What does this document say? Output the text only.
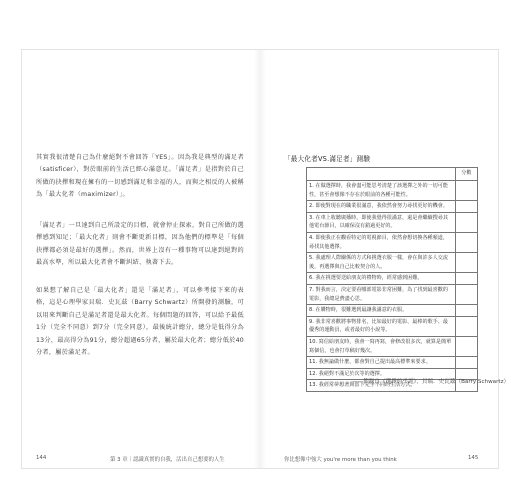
其實我很清楚自己為什麼絕對不會回答「YES」。因為我是典型的滿足者（satisficer），對於眼前的生活已經心滿意足。「滿足者」是指對於自己所做的抉擇和現在擁有的一切感到滿足和幸福的人，而與之相反的人被稱為「最大化者（maximizer）」。

「滿足者」一旦達到自己所設定的目標，就會停止探索，對自己所做的選擇感到知足；「最大化者」則會不斷更新目標，因為他們的標準是「每個抉擇都必須是最好的選擇」。然而，世界上沒有一種事物可以達到絕對的最高水準，所以最大化者會不斷糾結、執著下去。

如果想了解自己是「最大化者」還是「滿足者」，可以參考接下來的表格，這是心理學家貝瑞．史瓦茲（Barry Schwartz）所開發的測驗，可以用來判斷自己是滿足者還是最大化者。每個問題的回答，可以給予最低1分（完全不同意）到7分（完全同意），最後統計總分，總分是低得分為13分，最高得分為91分，總分超過65分者，屬於最大化者；總分低於40分者，屬於滿足者。

144	第 3 章｜認識真實的自我，活出自己想要的人生
「最大化者VS.滿足者」測驗
	分數
1. 在做選擇時，我會盡可能思考清楚了該選擇之外的一切可能性，甚至會想像不存在於眼前的各種可能性。	
2. 即使對現在的職業很滿意，我依然會努力尋找更好的機會。	
3. 在車上收聽廣播時，即使我覺得很滿意，還是會繼續搜尋其他電台節目，以確保沒有錯過更好的。	
4. 即使我正在觀看特定的電視節目，依然會想切換各種頻道，尋找其他選擇。	
5. 我處理人際關係的方式和挑選衣服一樣，會在與許多人交流後，再選擇與自己比較契合的人。	
6. 我在挑選要送給朋友的禮物時，經常感到困難。	
7. 對我而言，決定要看哪部電影非常困難，為了找到最喜歡的電影，我總是費盡心思。	
8. 在購物時，很難選到最讓我滿意的衣服。	
9. 我非常喜歡將事物排名，比如最好的電影、最棒的歌手、最優秀的運動員，或者最好的小說等。	
10. 寫信給朋友時，我會一寫再寫，會修改很多次，就算是簡單寫個信，也會打草稿好幾次。	
11. 我無論做什麼，都會對自己提出最高標準來要求。	
12. 我絕對不滿足於次等的選擇。	
13. 我經常夢想著與當下完全不同的生活方式。	
——節錄自《選擇的弔詭》，貝瑞．史瓦茲（Barry Schwartz）
你比想像中強大 you're more than you think	145
